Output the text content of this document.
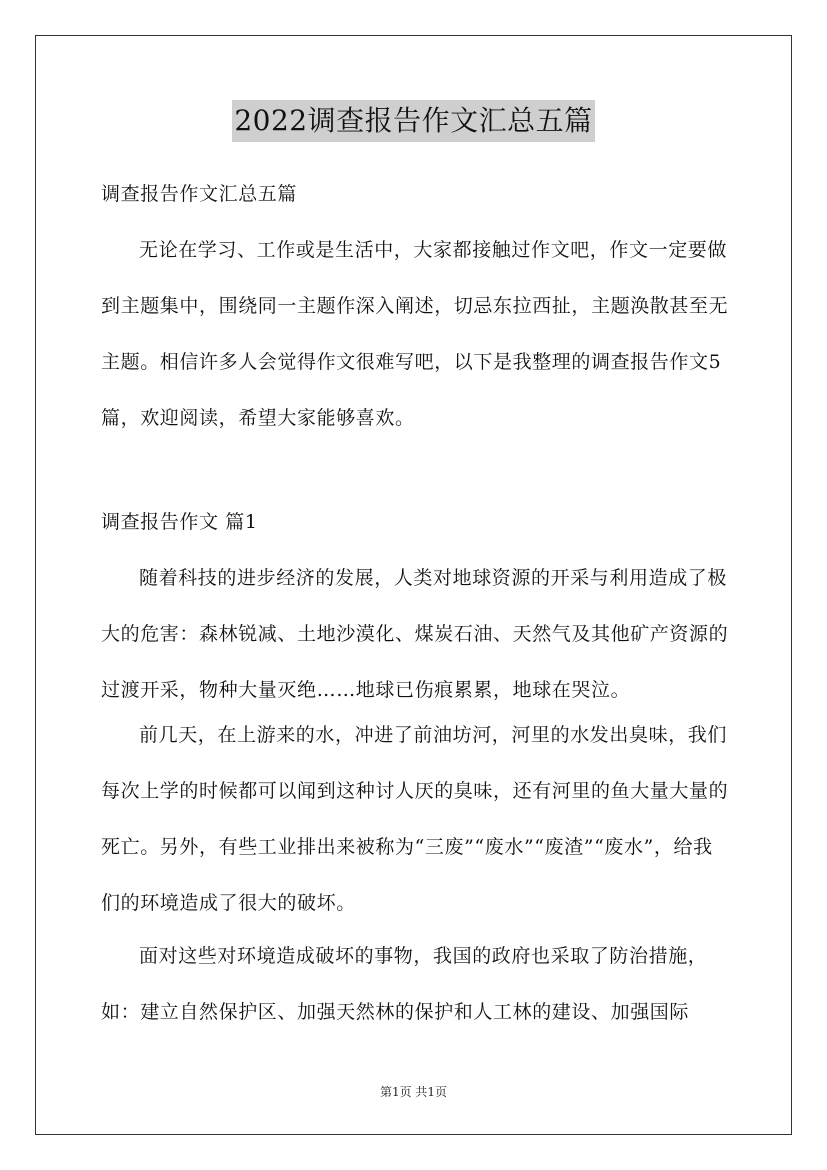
2022调查报告作文汇总五篇

调查报告作文汇总五篇

无论在学习、工作或是生活中，大家都接触过作文吧，作文一定要做到主题集中，围绕同一主题作深入阐述，切忌东拉西扯，主题涣散甚至无主题。相信许多人会觉得作文很难写吧，以下是我整理的调查报告作文5篇，欢迎阅读，希望大家能够喜欢。

调查报告作文 篇1

随着科技的进步经济的发展，人类对地球资源的开采与利用造成了极大的危害：森林锐减、土地沙漠化、煤炭石油、天然气及其他矿产资源的过渡开采，物种大量灭绝……地球已伤痕累累，地球在哭泣。

前几天，在上游来的水，冲进了前油坊河，河里的水发出臭味，我们每次上学的时候都可以闻到这种讨人厌的臭味，还有河里的鱼大量大量的死亡。另外，有些工业排出来被称为“三废”“废水”“废渣”“废水”，给我们的环境造成了很大的破坏。

面对这些对环境造成破坏的事物，我国的政府也采取了防治措施，如：建立自然保护区、加强天然林的保护和人工林的建设、加强国际

第1页 共1页
